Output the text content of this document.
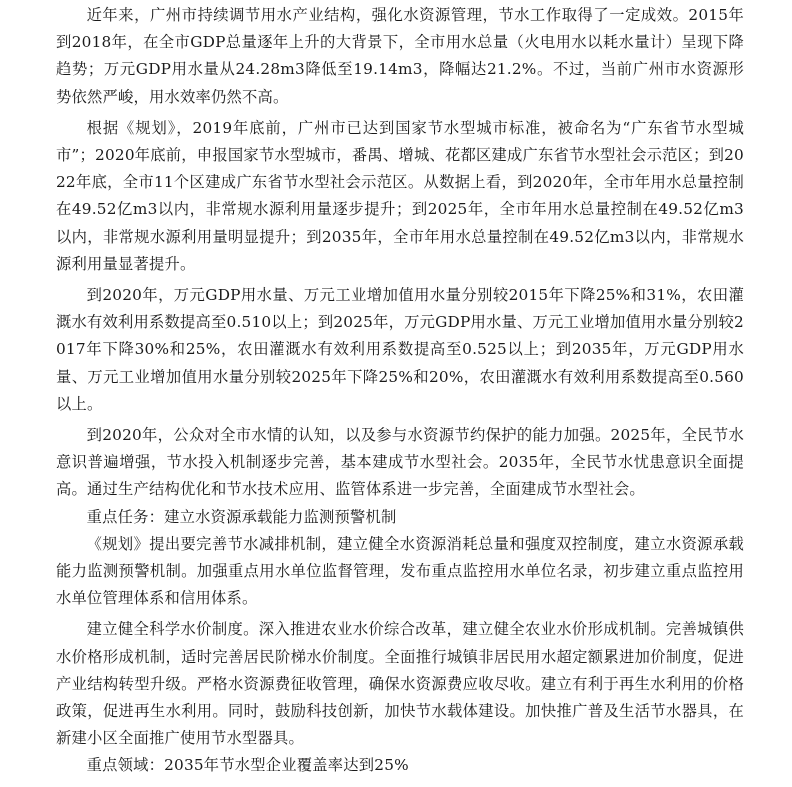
近年来，广州市持续调节用水产业结构，强化水资源管理，节水工作取得了一定成效。2015年到2018年，在全市GDP总量逐年上升的大背景下，全市用水总量（火电用水以耗水量计）呈现下降趋势；万元GDP用水量从24.28m3降低至19.14m3，降幅达21.2%。不过，当前广州市水资源形势依然严峻，用水效率仍然不高。

根据《规划》，2019年底前，广州市已达到国家节水型城市标准，被命名为“广东省节水型城市”；2020年底前，申报国家节水型城市，番禺、增城、花都区建成广东省节水型社会示范区；到2022年底，全市11个区建成广东省节水型社会示范区。从数据上看，到2020年，全市年用水总量控制在49.52亿m3以内，非常规水源利用量逐步提升；到2025年，全市年用水总量控制在49.52亿m3以内，非常规水源利用量明显提升；到2035年，全市年用水总量控制在49.52亿m3以内，非常规水源利用量显著提升。

到2020年，万元GDP用水量、万元工业增加值用水量分别较2015年下降25%和31%，农田灌溉水有效利用系数提高至0.510以上；到2025年，万元GDP用水量、万元工业增加值用水量分别较2017年下降30%和25%，农田灌溉水有效利用系数提高至0.525以上；到2035年，万元GDP用水量、万元工业增加值用水量分别较2025年下降25%和20%，农田灌溉水有效利用系数提高至0.560以上。

到2020年，公众对全市水情的认知，以及参与水资源节约保护的能力加强。2025年，全民节水意识普遍增强，节水投入机制逐步完善，基本建成节水型社会。2035年，全民节水忧患意识全面提高。通过生产结构优化和节水技术应用、监管体系进一步完善，全面建成节水型社会。

重点任务：建立水资源承载能力监测预警机制

《规划》提出要完善节水减排机制，建立健全水资源消耗总量和强度双控制度，建立水资源承载能力监测预警机制。加强重点用水单位监督管理，发布重点监控用水单位名录，初步建立重点监控用水单位管理体系和信用体系。

建立健全科学水价制度。深入推进农业水价综合改革，建立健全农业水价形成机制。完善城镇供水价格形成机制，适时完善居民阶梯水价制度。全面推行城镇非居民用水超定额累进加价制度，促进产业结构转型升级。严格水资源费征收管理，确保水资源费应收尽收。建立有利于再生水利用的价格政策，促进再生水利用。同时，鼓励科技创新，加快节水载体建设。加快推广普及生活节水器具，在新建小区全面推广使用节水型器具。

重点领域：2035年节水型企业覆盖率达到25%
